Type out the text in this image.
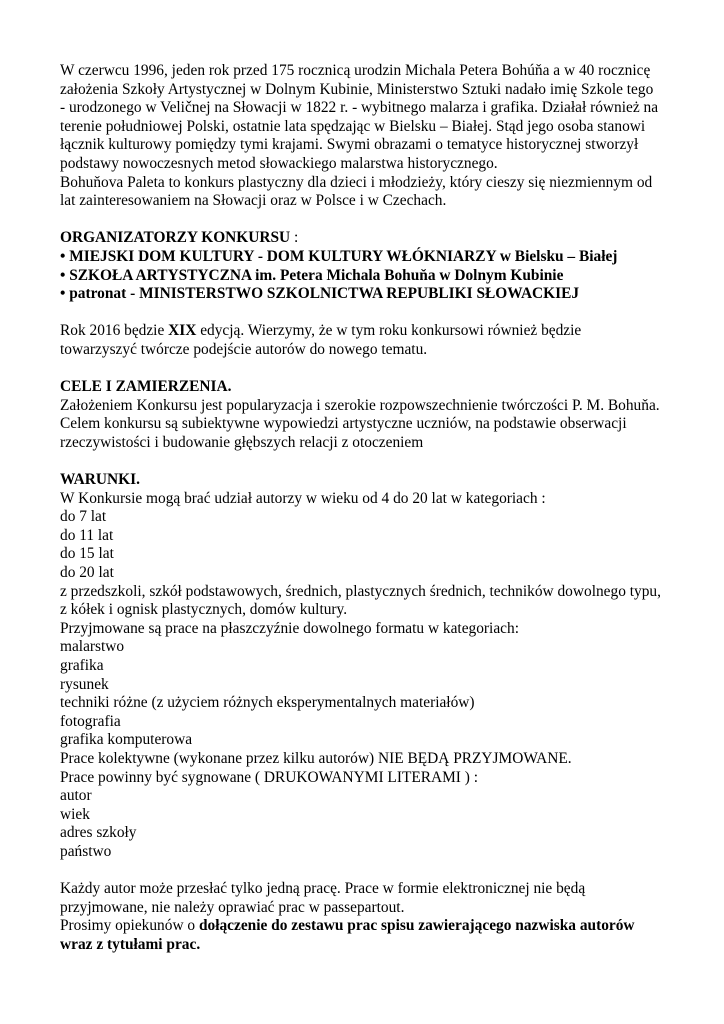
W czerwcu 1996, jeden rok przed 175 rocznicą urodzin Michala Petera Bohúňa a w 40 rocznicę
założenia Szkoły Artystycznej w Dolnym Kubinie, Ministerstwo Sztuki nadało imię Szkole tego
- urodzonego w Veličnej na Słowacji w 1822 r. - wybitnego malarza i grafika. Działał również na
terenie południowej Polski, ostatnie lata spędzając w Bielsku – Białej. Stąd jego osoba stanowi
łącznik kulturowy pomiędzy tymi krajami. Swymi obrazami o tematyce historycznej stworzył
podstawy nowoczesnych metod słowackiego malarstwa historycznego.

Bohuňova Paleta to konkurs plastyczny dla dzieci i młodzieży, który cieszy się niezmiennym od
lat zainteresowaniem na Słowacji oraz w Polsce i w Czechach.

ORGANIZATORZY KONKURSU :
• MIEJSKI DOM KULTURY - DOM KULTURY WŁÓKNIARZY w Bielsku – Białej
• SZKOŁA ARTYSTYCZNA im. Petera Michala Bohuňa w Dolnym Kubinie
• patronat - MINISTERSTWO SZKOLNICTWA REPUBLIKI SŁOWACKIEJ

Rok 2016 będzie XIX edycją. Wierzymy, że w tym roku konkursowi również będzie
towarzyszyć twórcze podejście autorów do nowego tematu.

CELE I ZAMIERZENIA.
Założeniem Konkursu jest popularyzacja i szerokie rozpowszechnienie twórczości P. M. Bohuňa.
Celem konkursu są subiektywne wypowiedzi artystyczne uczniów, na podstawie obserwacji
rzeczywistości i budowanie głębszych relacji z otoczeniem
WARUNKI.
W Konkursie mogą brać udział autorzy w wieku od 4 do 20 lat w kategoriach :
do 7 lat
do 11 lat
do 15 lat
do 20 lat
z przedszkoli, szkół podstawowych, średnich, plastycznych średnich, techników dowolnego typu,
z kółek i ognisk plastycznych, domów kultury.
Przyjmowane są prace na płaszczyźnie dowolnego formatu w kategoriach:
malarstwo
grafika
rysunek
techniki różne (z użyciem różnych eksperymentalnych materiałów)
fotografia
grafika komputerowa
Prace kolektywne (wykonane przez kilku autorów) NIE BĘDĄ PRZYJMOWANE.
Prace powinny być sygnowane ( DRUKOWANYMI LITERAMI ) :
autor
wiek
adres szkoły
państwo
Każdy autor może przesłać tylko jedną pracę. Prace w formie elektronicznej nie będą
przyjmowane, nie należy oprawiać prac w passepartout.
Prosimy opiekunów o dołączenie do zestawu prac spisu zawierającego nazwiska autorów
wraz z tytułami prac.
